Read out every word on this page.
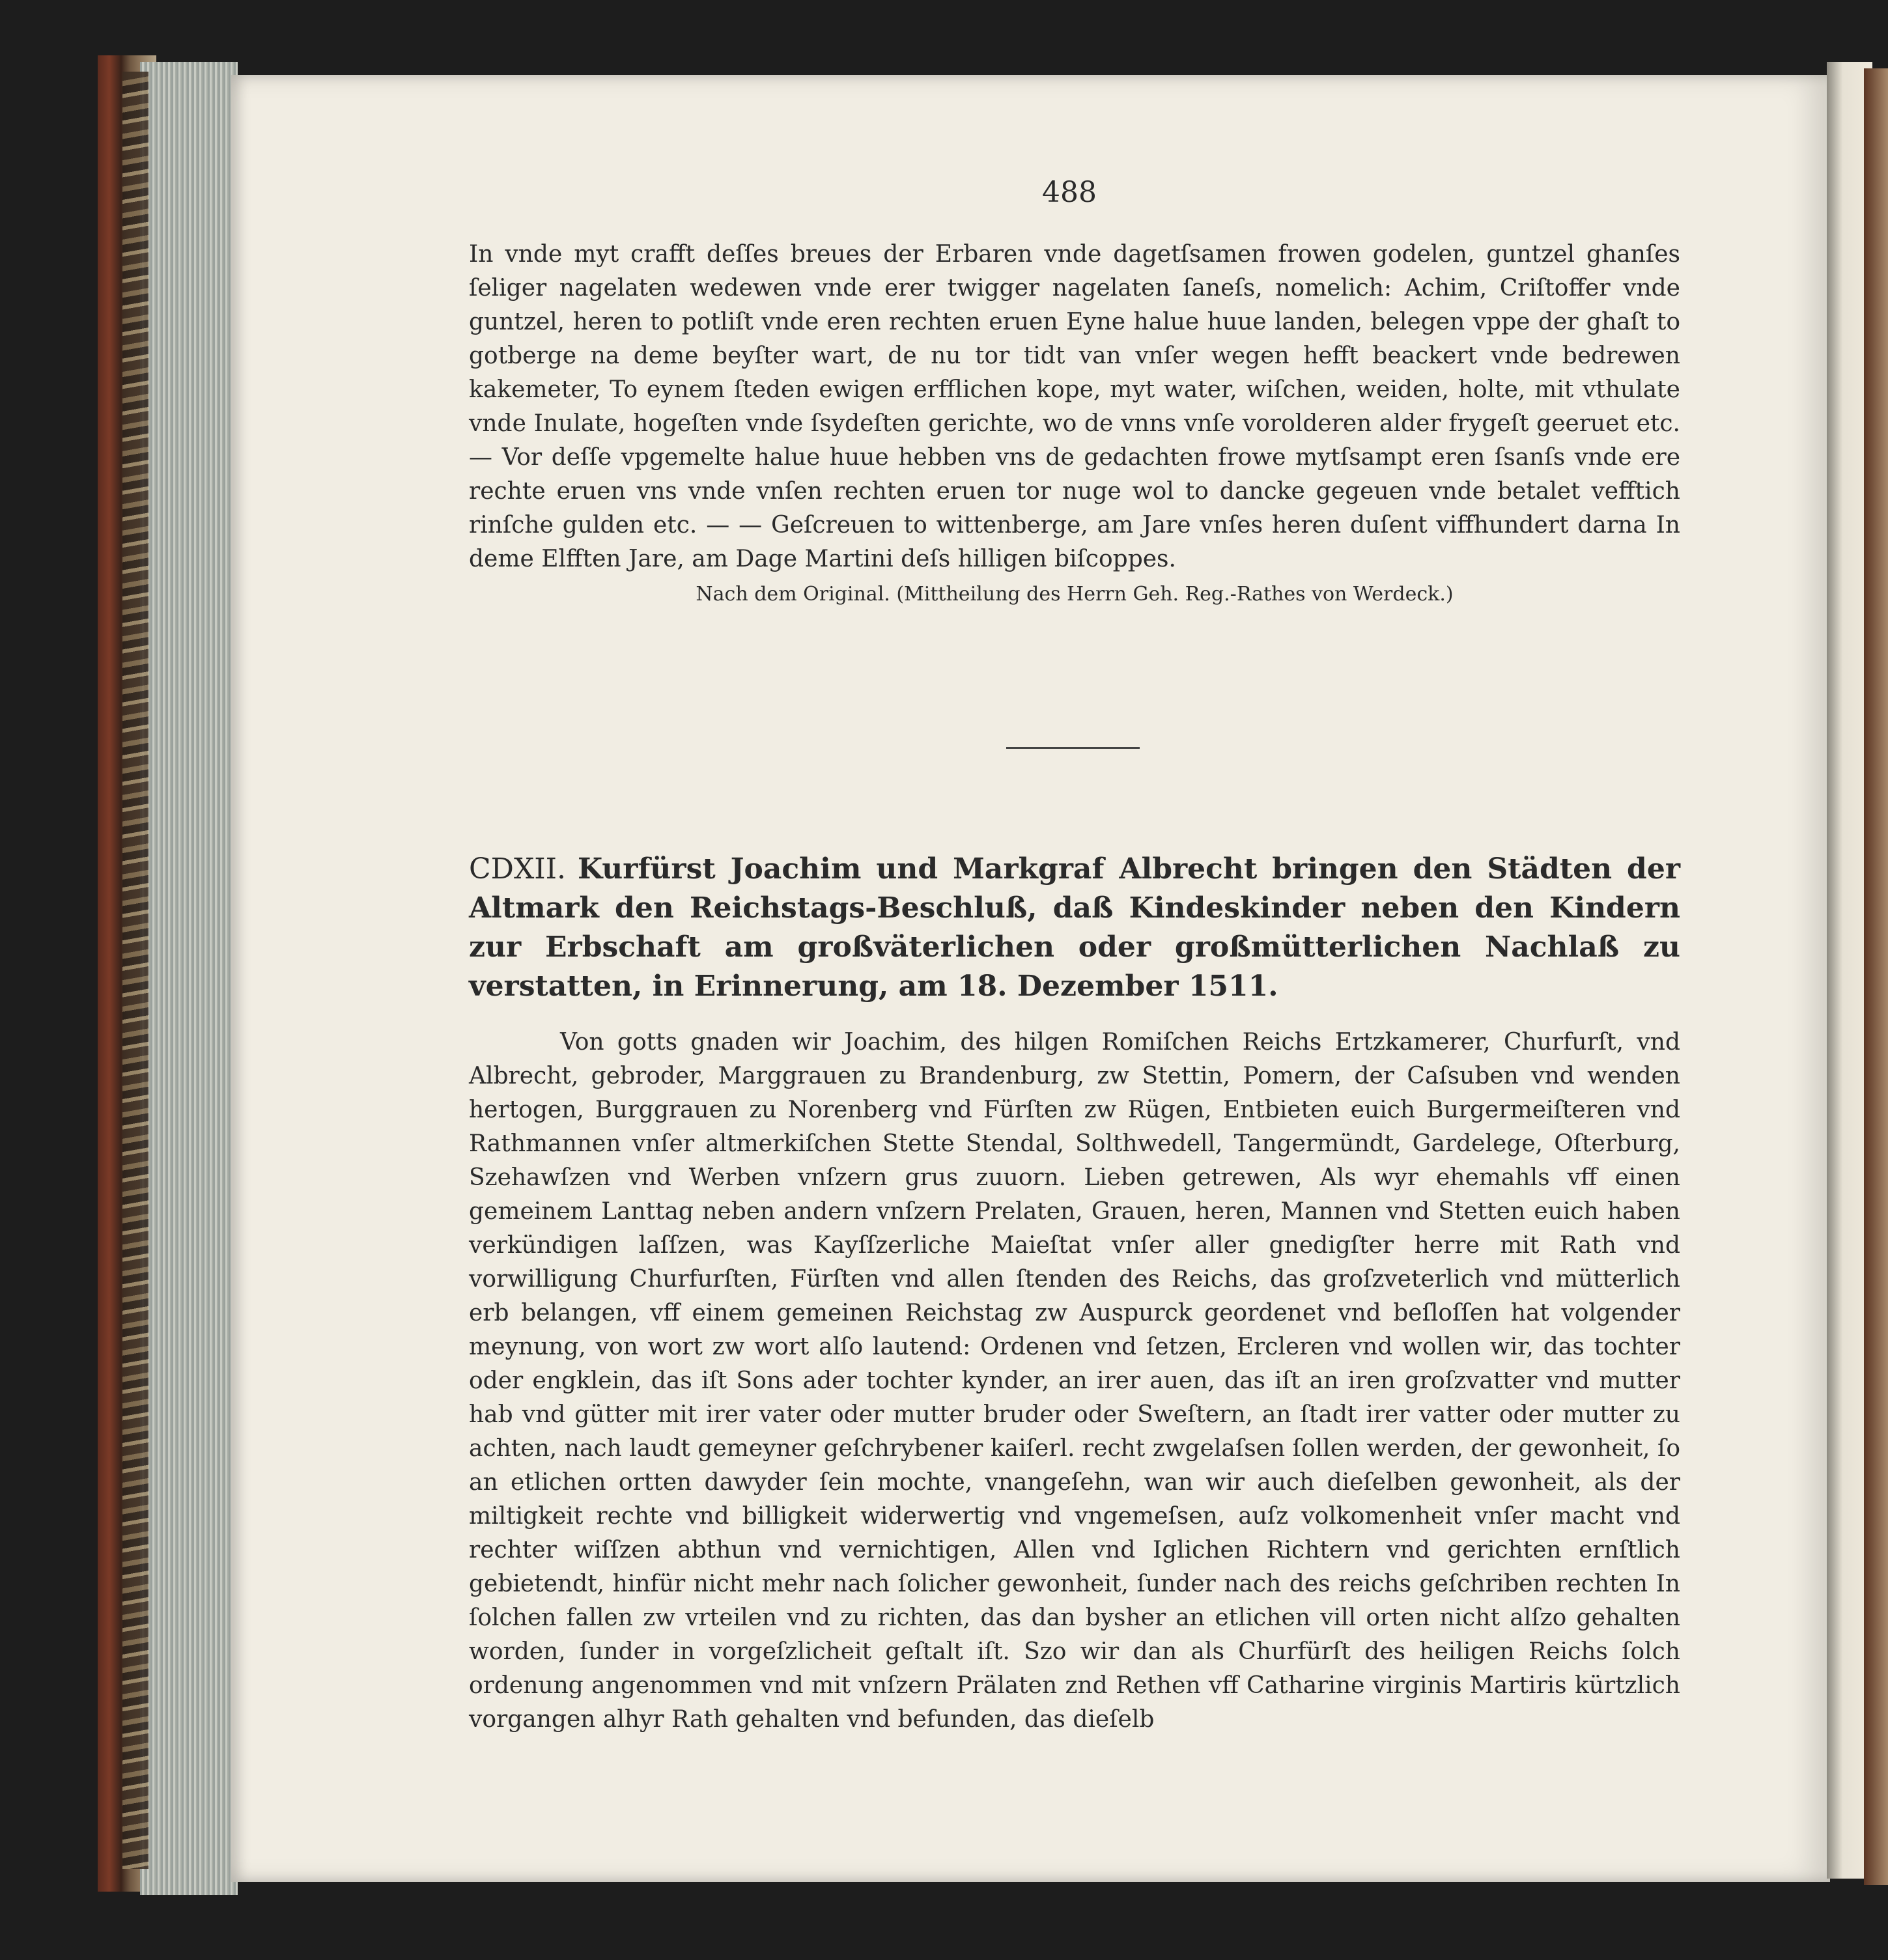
488

In vnde myt crafft deſſes breues der Erbaren vnde dagetſsamen frowen godelen, guntzel ghanſes ſeliger nagelaten wedewen vnde erer twigger nagelaten ſaneſs, nomelich: Achim, Criſtoffer vnde guntzel, heren to potliſt vnde eren rechten eruen Eyne halue huue landen, belegen vppe der ghaſt to gotberge na deme beyſter wart, de nu tor tidt van vnſer wegen hefft beackert vnde bedrewen kakemeter, To eynem ſteden ewigen erfflichen kope, myt water, wiſchen, weiden, holte, mit vthulate vnde Inulate, hogeſten vnde ſsydeſten gerichte, wo de vnns vnſe vorolderen alder frygeſt geeruet etc. — Vor deſſe vpgemelte halue huue hebben vns de gedachten frowe mytſsampt eren ſsanſs vnde ere rechte eruen vns vnde vnſen rechten eruen tor nuge wol to dancke gegeuen vnde betalet vefftich rinſche gulden etc. — — Geſcreuen to wittenberge, am Jare vnſes heren duſent viffhundert darna In deme Elfften Jare, am Dage Martini deſs hilligen biſcoppes.

Nach dem Original. (Mittheilung des Herrn Geh. Reg.-Rathes von Werdeck.)

CDXII. Kurfürst Joachim und Markgraf Albrecht bringen den Städten der Altmark den Reichstags-Beschluß, daß Kindeskinder neben den Kindern zur Erbschaft am großväterlichen oder großmütterlichen Nachlaß zu verstatten, in Erinnerung, am 18. Dezember 1511.

Von gotts gnaden wir Joachim, des hilgen Romiſchen Reichs Ertzkamerer, Churfurſt, vnd Albrecht, gebroder, Marggrauen zu Brandenburg, zw Stettin, Pomern, der Caſsuben vnd wenden hertogen, Burggrauen zu Norenberg vnd Fürſten zw Rügen, Entbieten euich Burgermeiſteren vnd Rathmannen vnſer altmerkiſchen Stette Stendal, Solthwedell, Tangermündt, Gardelege, Oſterburg, Szehawſzen vnd Werben vnſzern grus zuuorn. Lieben getrewen, Als wyr ehemahls vff einen gemeinem Lanttag neben andern vnſzern Prelaten, Grauen, heren, Mannen vnd Stetten euich haben verkündigen laſſzen, was Kayſſzerliche Maieſtat vnſer aller gnedigſter herre mit Rath vnd vorwilligung Churfurſten, Fürſten vnd allen ſtenden des Reichs, das groſzveterlich vnd mütterlich erb belangen, vff einem gemeinen Reichstag zw Auspurck geordenet vnd beſloſſen hat volgender meynung, von wort zw wort alſo lautend: Ordenen vnd ſetzen, Ercleren vnd wollen wir, das tochter oder engklein, das iſt Sons ader tochter kynder, an irer auen, das iſt an iren groſzvatter vnd mutter hab vnd gütter mit irer vater oder mutter bruder oder Sweſtern, an ſtadt irer vatter oder mutter zu achten, nach laudt gemeyner geſchrybener kaiſerl. recht zwgelaſsen ſollen werden, der gewonheit, ſo an etlichen ortten dawyder ſein mochte, vnangeſehn, wan wir auch dieſelben gewonheit, als der miltigkeit rechte vnd billigkeit widerwertig vnd vngemeſsen, auſz volkomenheit vnſer macht vnd rechter wiſſzen abthun vnd vernichtigen, Allen vnd Iglichen Richtern vnd gerichten ernſtlich gebietendt, hinfür nicht mehr nach ſolicher gewonheit, ſunder nach des reichs geſchriben rechten In ſolchen fallen zw vrteilen vnd zu richten, das dan bysher an etlichen vill orten nicht alſzo gehalten worden, ſunder in vorgeſzlicheit geſtalt iſt. Szo wir dan als Churfürſt des heiligen Reichs ſolch ordenung angenommen vnd mit vnſzern Prälaten znd Rethen vff Catharine virginis Martiris kürtzlich vorgangen alhyr Rath gehalten vnd befunden, das dieſelb
